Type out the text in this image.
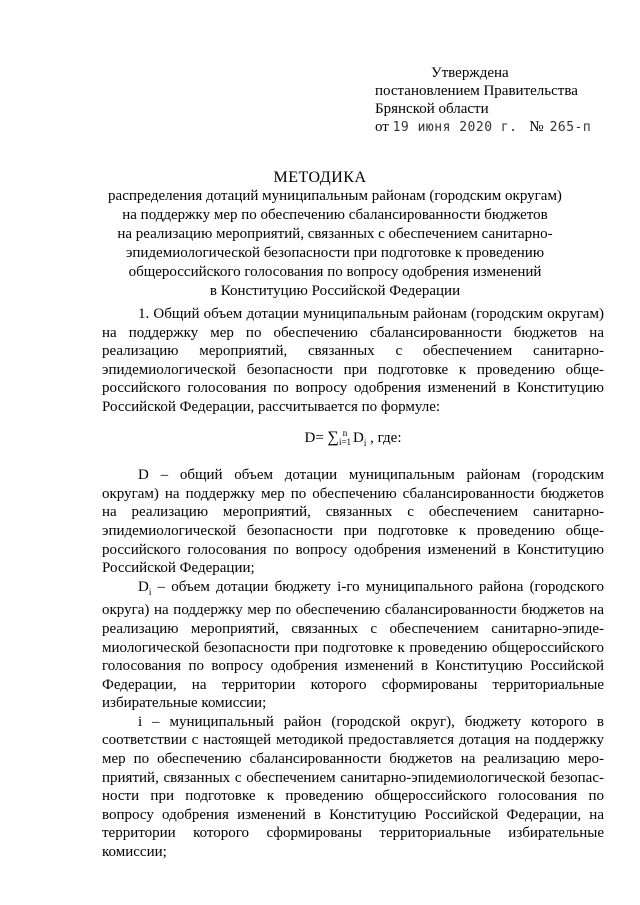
Утверждена
постановлением Правительства
Брянской области
от 19 июня 2020 г. № 265-п
МЕТОДИКА
распределения дотаций муниципальным районам (городским округам)
на поддержку мер по обеспечению сбалансированности бюджетов
на реализацию мероприятий, связанных с обеспечением санитарно-
эпидемиологической безопасности при подготовке к проведению
общероссийского голосования по вопросу одобрения изменений
в Конституцию Российской Федерации

1. Общий объем дотации муниципальным районам (городским округам) на поддержку мер по обеспечению сбалансированности бюджетов на реализацию мероприятий, связанных с обеспечением санитарно-эпидемиологической безопасности при подготовке к проведению обще-российского голосования по вопросу одобрения изменений в Конституцию Российской Федерации, рассчитывается по формуле:

D= ∑ n
i=1 $D_i$ , где:

D – общий объем дотации муниципальным районам (городским округам) на поддержку мер по обеспечению сбалансированности бюджетов на реализацию мероприятий, связанных с обеспечением санитарно-эпидемиологической безопасности при подготовке к проведению обще-российского голосования по вопросу одобрения изменений в Конституцию Российской Федерации;

$D_i$ – объем дотации бюджету i-го муниципального района (городского округа) на поддержку мер по обеспечению сбалансированности бюджетов на реализацию мероприятий, связанных с обеспечением санитарно-эпиде-миологической безопасности при подготовке к проведению общероссийского голосования по вопросу одобрения изменений в Конституцию Российской Федерации, на территории которого сформированы территориальные избирательные комиссии;

i – муниципальный район (городской округ), бюджету которого в соответствии с настоящей методикой предоставляется дотация на поддержку мер по обеспечению сбалансированности бюджетов на реализацию меро-приятий, связанных с обеспечением санитарно-эпидемиологической безопас-ности при подготовке к проведению общероссийского голосования по вопросу одобрения изменений в Конституцию Российской Федерации, на территории которого сформированы территориальные избирательные комиссии;
